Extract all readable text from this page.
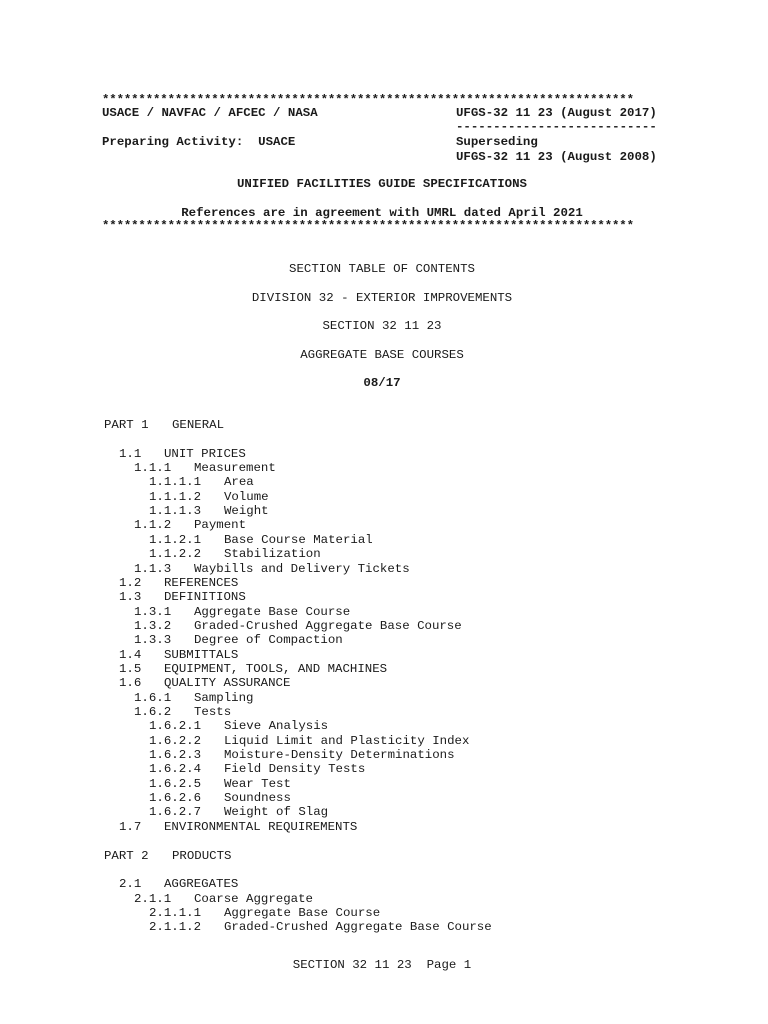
*************************************************************************
USACE / NAVFAC / AFCEC / NASA	UFGS-32 11 23 (August 2017)
---------------------------
Preparing Activity:  USACE	Superseding
UFGS-32 11 23 (August 2008)
UNIFIED FACILITIES GUIDE SPECIFICATIONS
References are in agreement with UMRL dated April 2021
*************************************************************************
SECTION TABLE OF CONTENTS
DIVISION 32 - EXTERIOR IMPROVEMENTS
SECTION 32 11 23
AGGREGATE BASE COURSES
08/17
PART 1 GENERAL
1.1 UNIT PRICES
1.1.1 Measurement
1.1.1.1 Area
1.1.1.2 Volume
1.1.1.3 Weight
1.1.2 Payment
1.1.2.1 Base Course Material
1.1.2.2 Stabilization
1.1.3 Waybills and Delivery Tickets
1.2 REFERENCES
1.3 DEFINITIONS
1.3.1 Aggregate Base Course
1.3.2 Graded-Crushed Aggregate Base Course
1.3.3 Degree of Compaction
1.4 SUBMITTALS
1.5 EQUIPMENT, TOOLS, AND MACHINES
1.6 QUALITY ASSURANCE
1.6.1 Sampling
1.6.2 Tests
1.6.2.1 Sieve Analysis
1.6.2.2 Liquid Limit and Plasticity Index
1.6.2.3 Moisture-Density Determinations
1.6.2.4 Field Density Tests
1.6.2.5 Wear Test
1.6.2.6 Soundness
1.6.2.7 Weight of Slag
1.7 ENVIRONMENTAL REQUIREMENTS
PART 2 PRODUCTS
2.1 AGGREGATES
2.1.1 Coarse Aggregate
2.1.1.1 Aggregate Base Course
2.1.1.2 Graded-Crushed Aggregate Base Course
SECTION 32 11 23  Page 1
